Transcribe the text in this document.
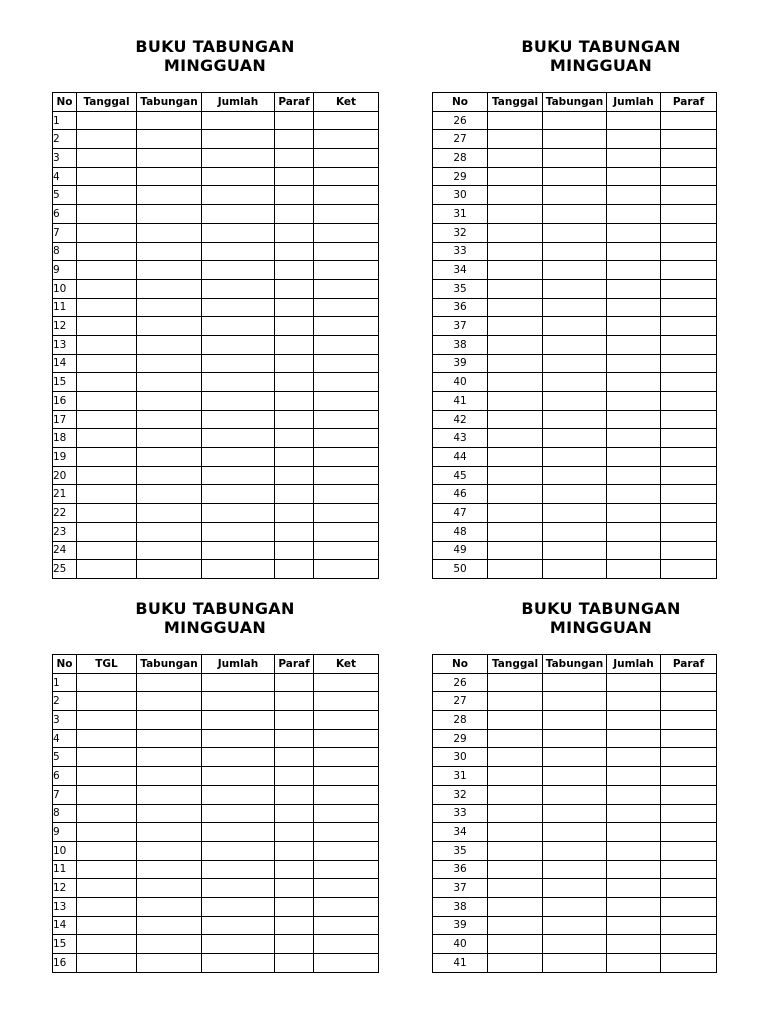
BUKU TABUNGAN
MINGGUAN
No	Tanggal	Tabungan	Jumlah	Paraf	Ket
1					
2					
3					
4					
5					
6					
7					
8					
9					
10					
11					
12					
13					
14					
15					
16					
17					
18					
19					
20					
21					
22					
23					
24					
25					
BUKU TABUNGAN
MINGGUAN
No	Tanggal	Tabungan	Jumlah	Paraf
26				
27				
28				
29				
30				
31				
32				
33				
34				
35				
36				
37				
38				
39				
40				
41				
42				
43				
44				
45				
46				
47				
48				
49				
50				
BUKU TABUNGAN
MINGGUAN
No	TGL	Tabungan	Jumlah	Paraf	Ket
1					
2					
3					
4					
5					
6					
7					
8					
9					
10					
11					
12					
13					
14					
15					
16					
BUKU TABUNGAN
MINGGUAN
No	Tanggal	Tabungan	Jumlah	Paraf
26				
27				
28				
29				
30				
31				
32				
33				
34				
35				
36				
37				
38				
39				
40				
41				
